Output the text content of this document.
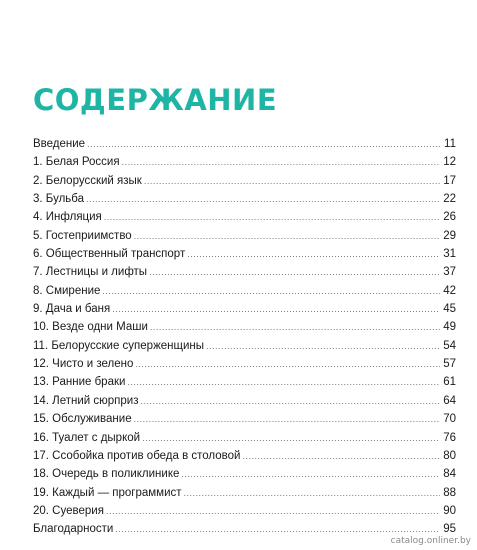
СОДЕРЖАНИЕ
Введение .....	11
1. Белая Россия .....	12
2. Белорусский язык .....	17
3. Бульба .....	22
4. Инфляция .....	26
5. Гостеприимство .....	29
6. Общественный транспорт .....	31
7. Лестницы и лифты .....	37
8. Смирение .....	42
9. Дача и баня .....	45
10. Везде одни Маши .....	49
11. Белорусские суперженщины .....	54
12. Чисто и зелено .....	57
13. Ранние браки .....	61
14. Летний сюрприз .....	64
15. Обслуживание .....	70
16. Туалет с дыркой .....	76
17. Ссобойка против обеда в столовой .....	80
18. Очередь в поликлинике .....	84
19. Каждый — программист .....	88
20. Суеверия .....	90
Благодарности .....	95
catalog.onliner.by
